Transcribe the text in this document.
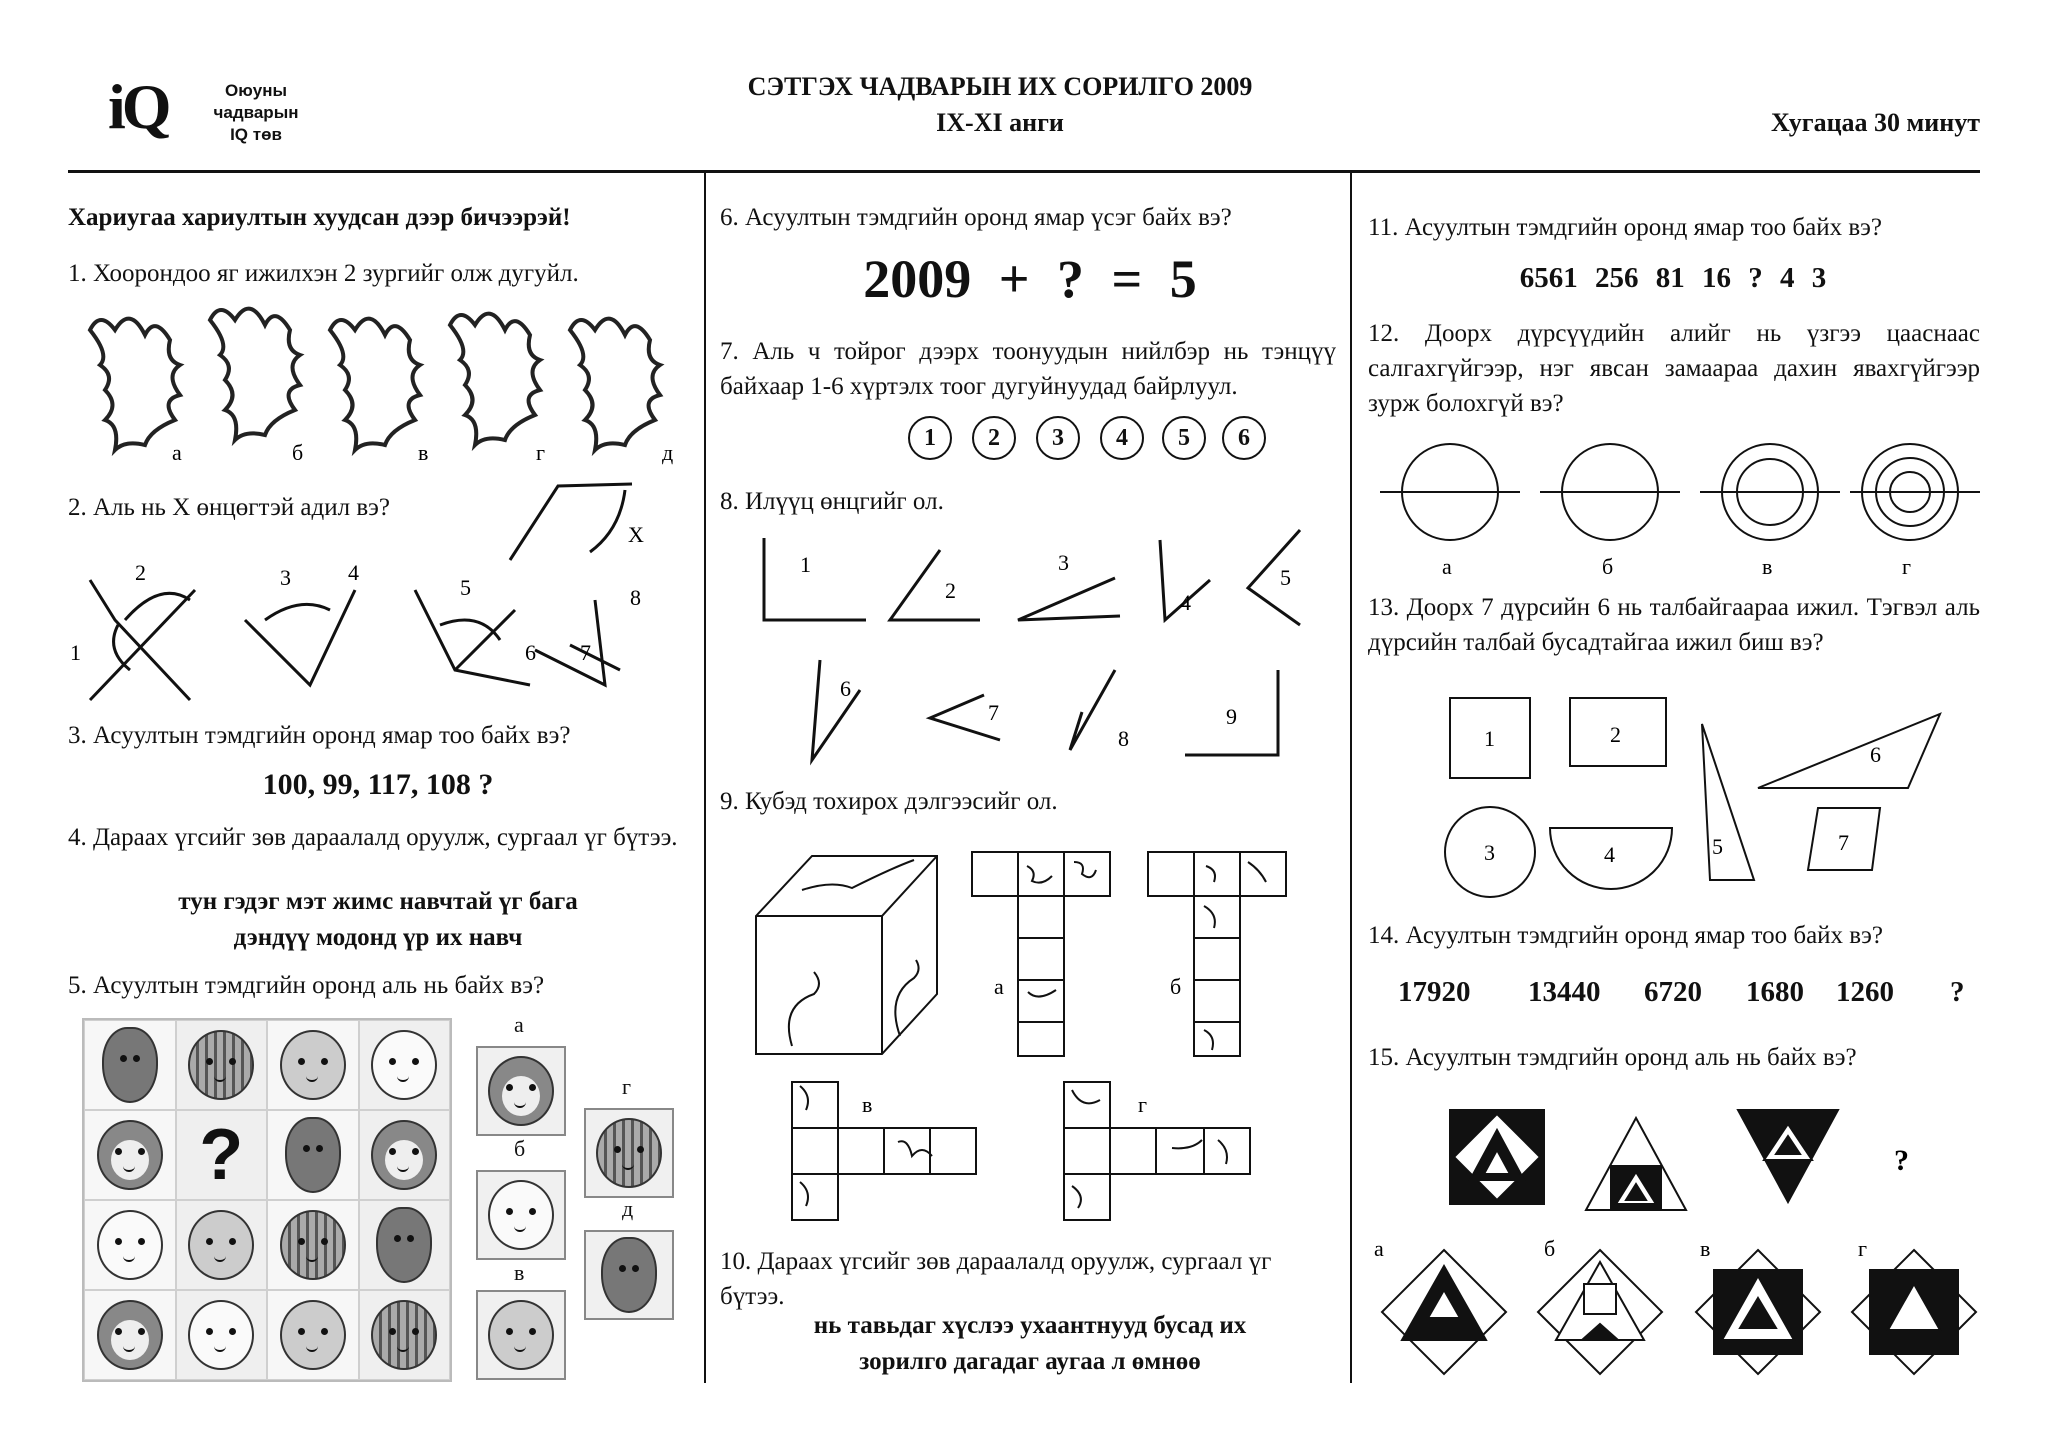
iQ	Оюуны
чадварын
IQ төв
СЭТГЭХ ЧАДВАРЫН ИХ СОРИЛГО 2009
IX-XI анги	Хугацаа 30 минут
Хариугаа хариултын хуудсан дээр бичээрэй!
1. Хоорондоо яг ижилхэн 2 зургийг олж дугуйл.
а	б	в	г	д
2. Аль нь Х өнцөгтэй адил вэ?
X
1
2	3	4
5
6 7
8
3. Асуултын тэмдгийн оронд ямар тоо байх вэ?
100, 99, 117, 108 ?
4. Дараах үгсийг зөв дараалалд оруулж, сургаал үг бүтээ.
тун гэдэг мэт жимс навчтай үг бага
дэндүү модонд үр их навч
5. Асуултын тэмдгийн оронд аль нь байх вэ?
?
а
б
в
г
д
6. Асуултын тэмдгийн оронд ямар үсэг байх вэ?
2009 + ? = 5
7. Аль ч тойрог дээрх тоонуудын нийлбэр нь тэнцүү байхаар 1-6 хүртэлх тоог дугуйнуудад байрлуул.
1	2	3	4	5	6
8. Илүүц өнцгийг ол.
1
2
3
4
5
6
7
8
9
9. Кубэд тохирох дэлгээсийг ол.
а	б
в	г
10. Дараах үгсийг зөв дараалалд оруулж, сургаал үг бүтээ.
нь тавьдаг хүслээ ухаантнууд бусад их
зорилго дагадаг аугаа л өмнөө
11. Асуултын тэмдгийн оронд ямар тоо байх вэ?
6561 256 81 16 ? 4 3
12. Доорх дүрсүүдийн алийг нь үзгээ цааснаас салгахгүйгээр, нэг явсан замаараа дахин явахгүйгээр зурж болохгүй вэ?
а	б	в	г
13. Доорх 7 дүрсийн 6 нь талбайгаараа ижил. Тэгвэл аль дүрсийн талбай бусадтайгаа ижил биш вэ?
1	2
3	4	5
6
7
14. Асуултын тэмдгийн оронд ямар тоо байх вэ?
17920 13440 6720 1680 1260 ?
15. Асуултын тэмдгийн оронд аль нь байх вэ?
?
а	б	в	г
